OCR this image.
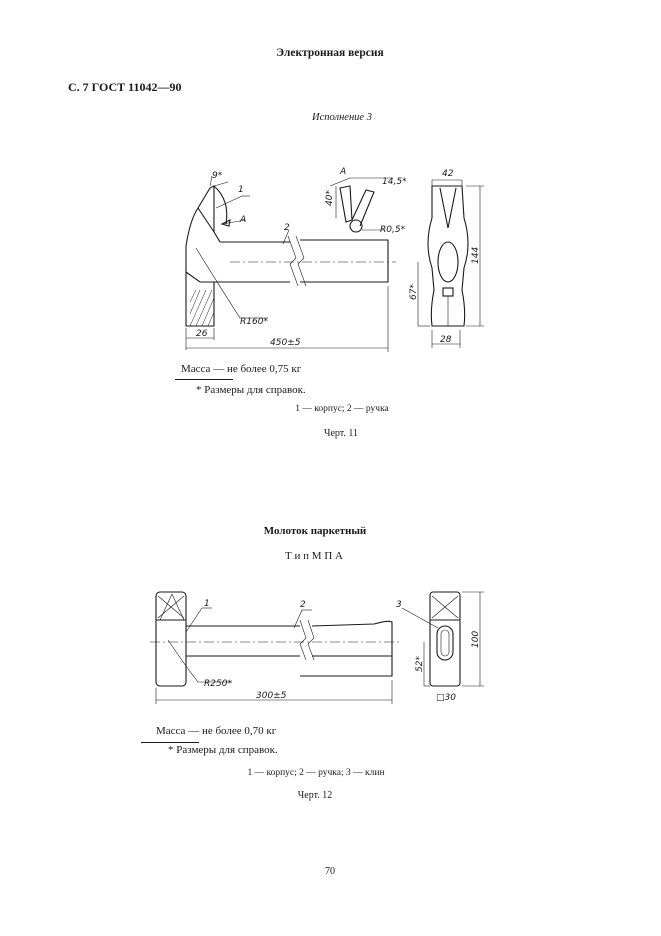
Электронная версия
С. 7 ГОСТ 11042—90
Исполнение 3
9*
1
A
2
R160*
26
450±5
A
14,5*
40*
R0,5*
42
144
67*
28
Масса — не более 0,75 кг
* Размеры для справок.
1 — корпус; 2 — ручка
Черт. 11
Молоток паркетный
Т и п М П А
1	2	3
R250*
300±5
52*
100
□30
Масса — не более 0,70 кг
* Размеры для справок.
1 — корпус; 2 — ручка; 3 — клин
Черт. 12
70
